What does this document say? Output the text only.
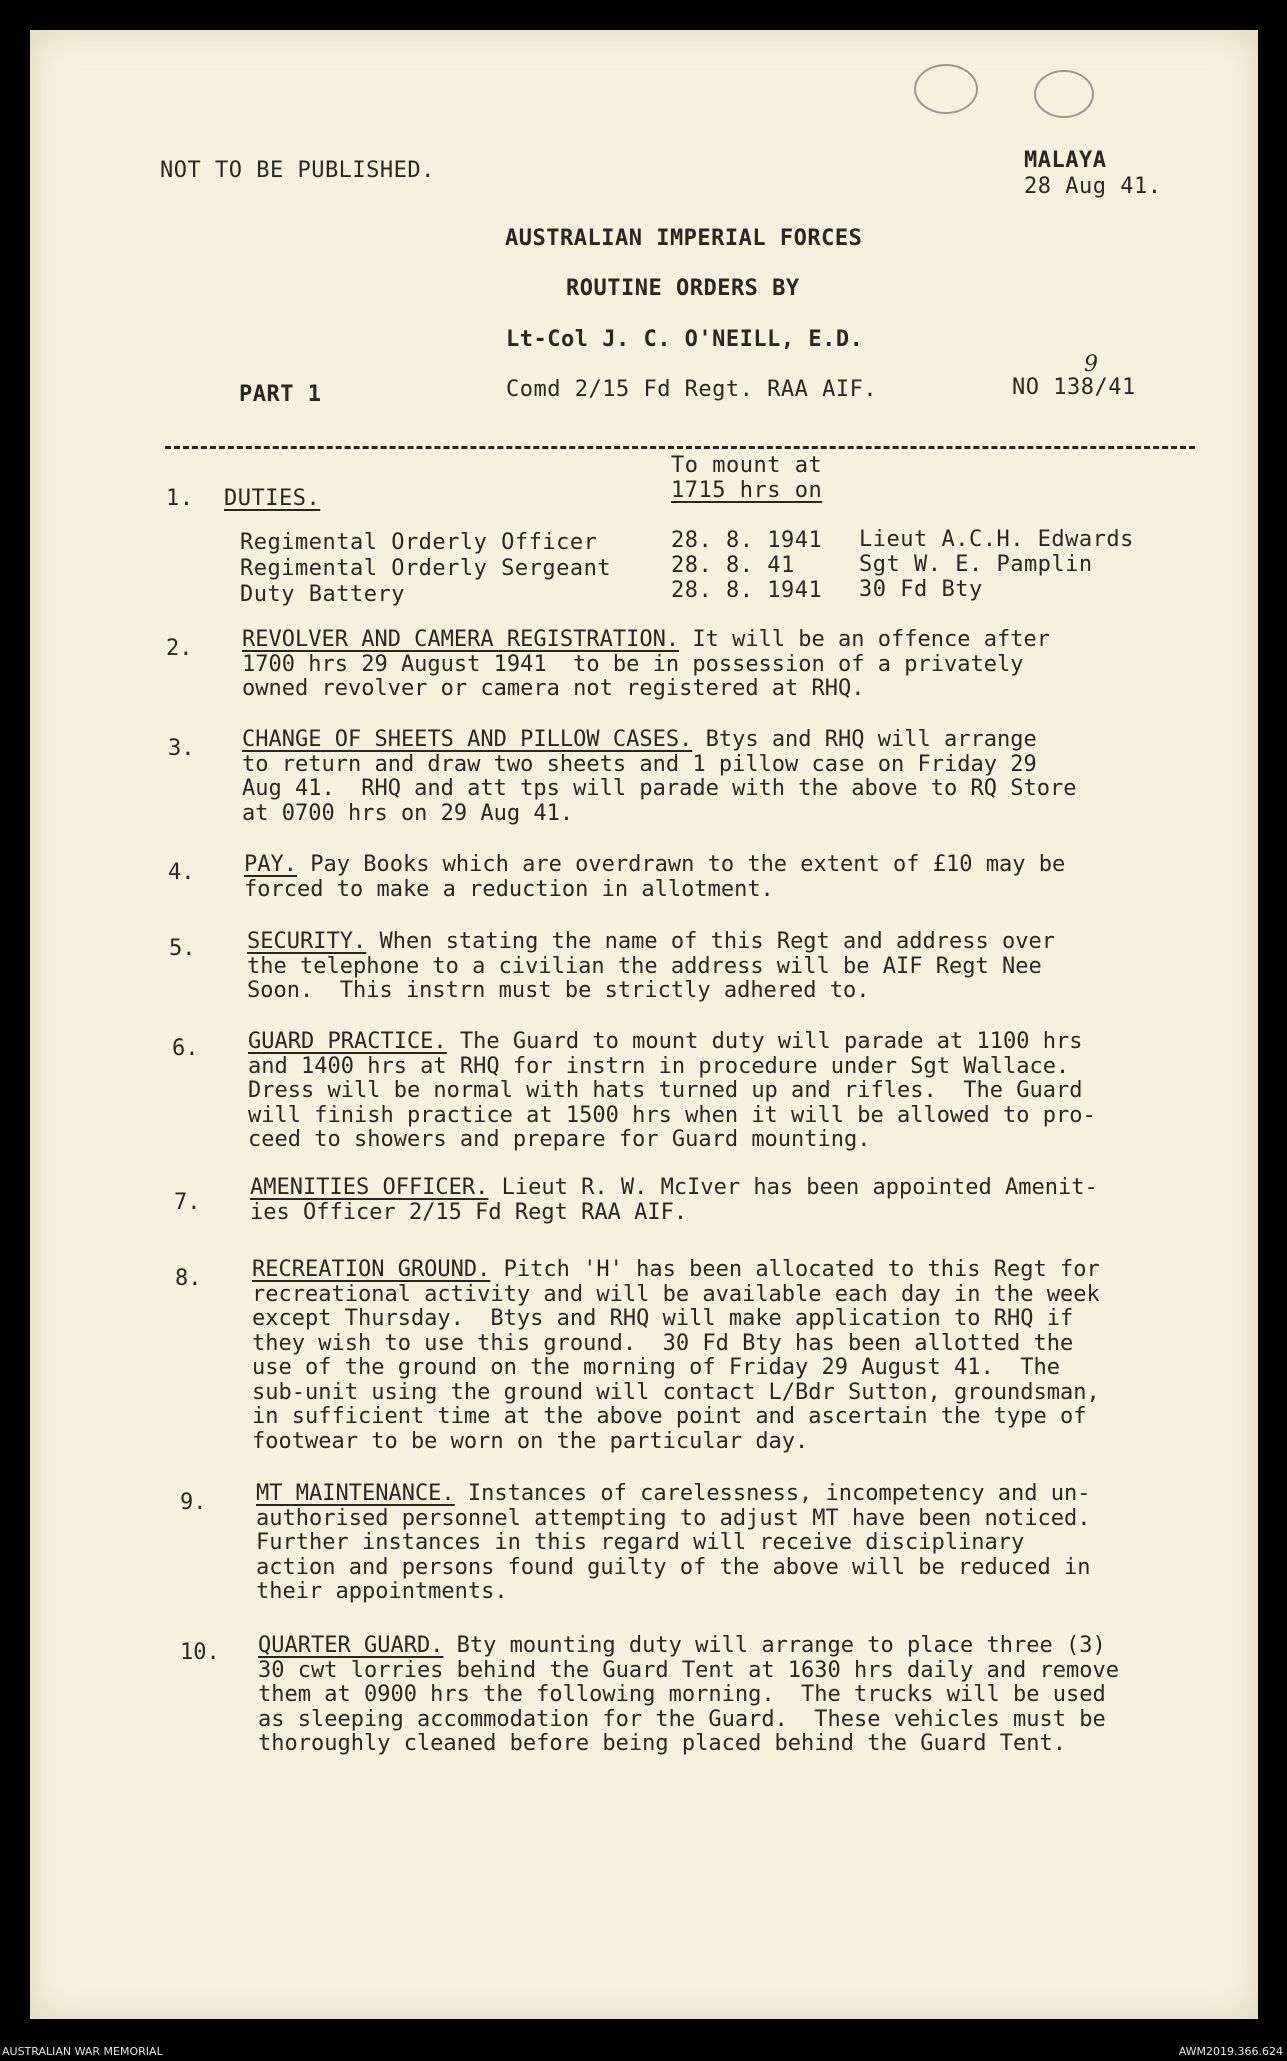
NOT TO BE PUBLISHED.	MALAYA
28 Aug 41.
AUSTRALIAN IMPERIAL FORCES
ROUTINE ORDERS BY
Lt-Col J. C. O'NEILL, E.D.
PART 1	Comd 2/15 Fd Regt. RAA AIF.	NO 138/41
9
1. DUTIES.
To mount at
1715 hrs on
Regimental Orderly Officer	28. 8. 1941 Lieut A.C.H. Edwards
Regimental Orderly Sergeant	28. 8. 41	Sgt W. E. Pamplin
Duty Battery	28. 8. 1941 30 Fd Bty
2. REVOLVER AND CAMERA REGISTRATION. It will be an offence after
1700 hrs 29 August 1941  to be in possession of a privately
owned revolver or camera not registered at RHQ.
3. CHANGE OF SHEETS AND PILLOW CASES. Btys and RHQ will arrange
to return and draw two sheets and 1 pillow case on Friday 29
Aug 41.  RHQ and att tps will parade with the above to RQ Store
at 0700 hrs on 29 Aug 41.
4. PAY. Pay Books which are overdrawn to the extent of £10 may be
forced to make a reduction in allotment.
5. SECURITY. When stating the name of this Regt and address over
the telephone to a civilian the address will be AIF Regt Nee
Soon.  This instrn must be strictly adhered to.
6. GUARD PRACTICE. The Guard to mount duty will parade at 1100 hrs
and 1400 hrs at RHQ for instrn in procedure under Sgt Wallace.
Dress will be normal with hats turned up and rifles.  The Guard
will finish practice at 1500 hrs when it will be allowed to pro-
ceed to showers and prepare for Guard mounting.
7.
AMENITIES OFFICER. Lieut R. W. McIver has been appointed Amenit-
ies Officer 2/15 Fd Regt RAA AIF.
8. RECREATION GROUND. Pitch 'H' has been allocated to this Regt for
recreational activity and will be available each day in the week
except Thursday.  Btys and RHQ will make application to RHQ if
they wish to use this ground.  30 Fd Bty has been allotted the
use of the ground on the morning of Friday 29 August 41.  The
sub-unit using the ground will contact L/Bdr Sutton, groundsman,
in sufficient time at the above point and ascertain the type of
footwear to be worn on the particular day.
9. MT MAINTENANCE. Instances of carelessness, incompetency and un-
authorised personnel attempting to adjust MT have been noticed.
Further instances in this regard will receive disciplinary
action and persons found guilty of the above will be reduced in
their appointments.
10. QUARTER GUARD. Bty mounting duty will arrange to place three (3)
30 cwt lorries behind the Guard Tent at 1630 hrs daily and remove
them at 0900 hrs the following morning.  The trucks will be used
as sleeping accommodation for the Guard.  These vehicles must be
thoroughly cleaned before being placed behind the Guard Tent.
AUSTRALIAN WAR MEMORIAL	AWM2019.366.624
